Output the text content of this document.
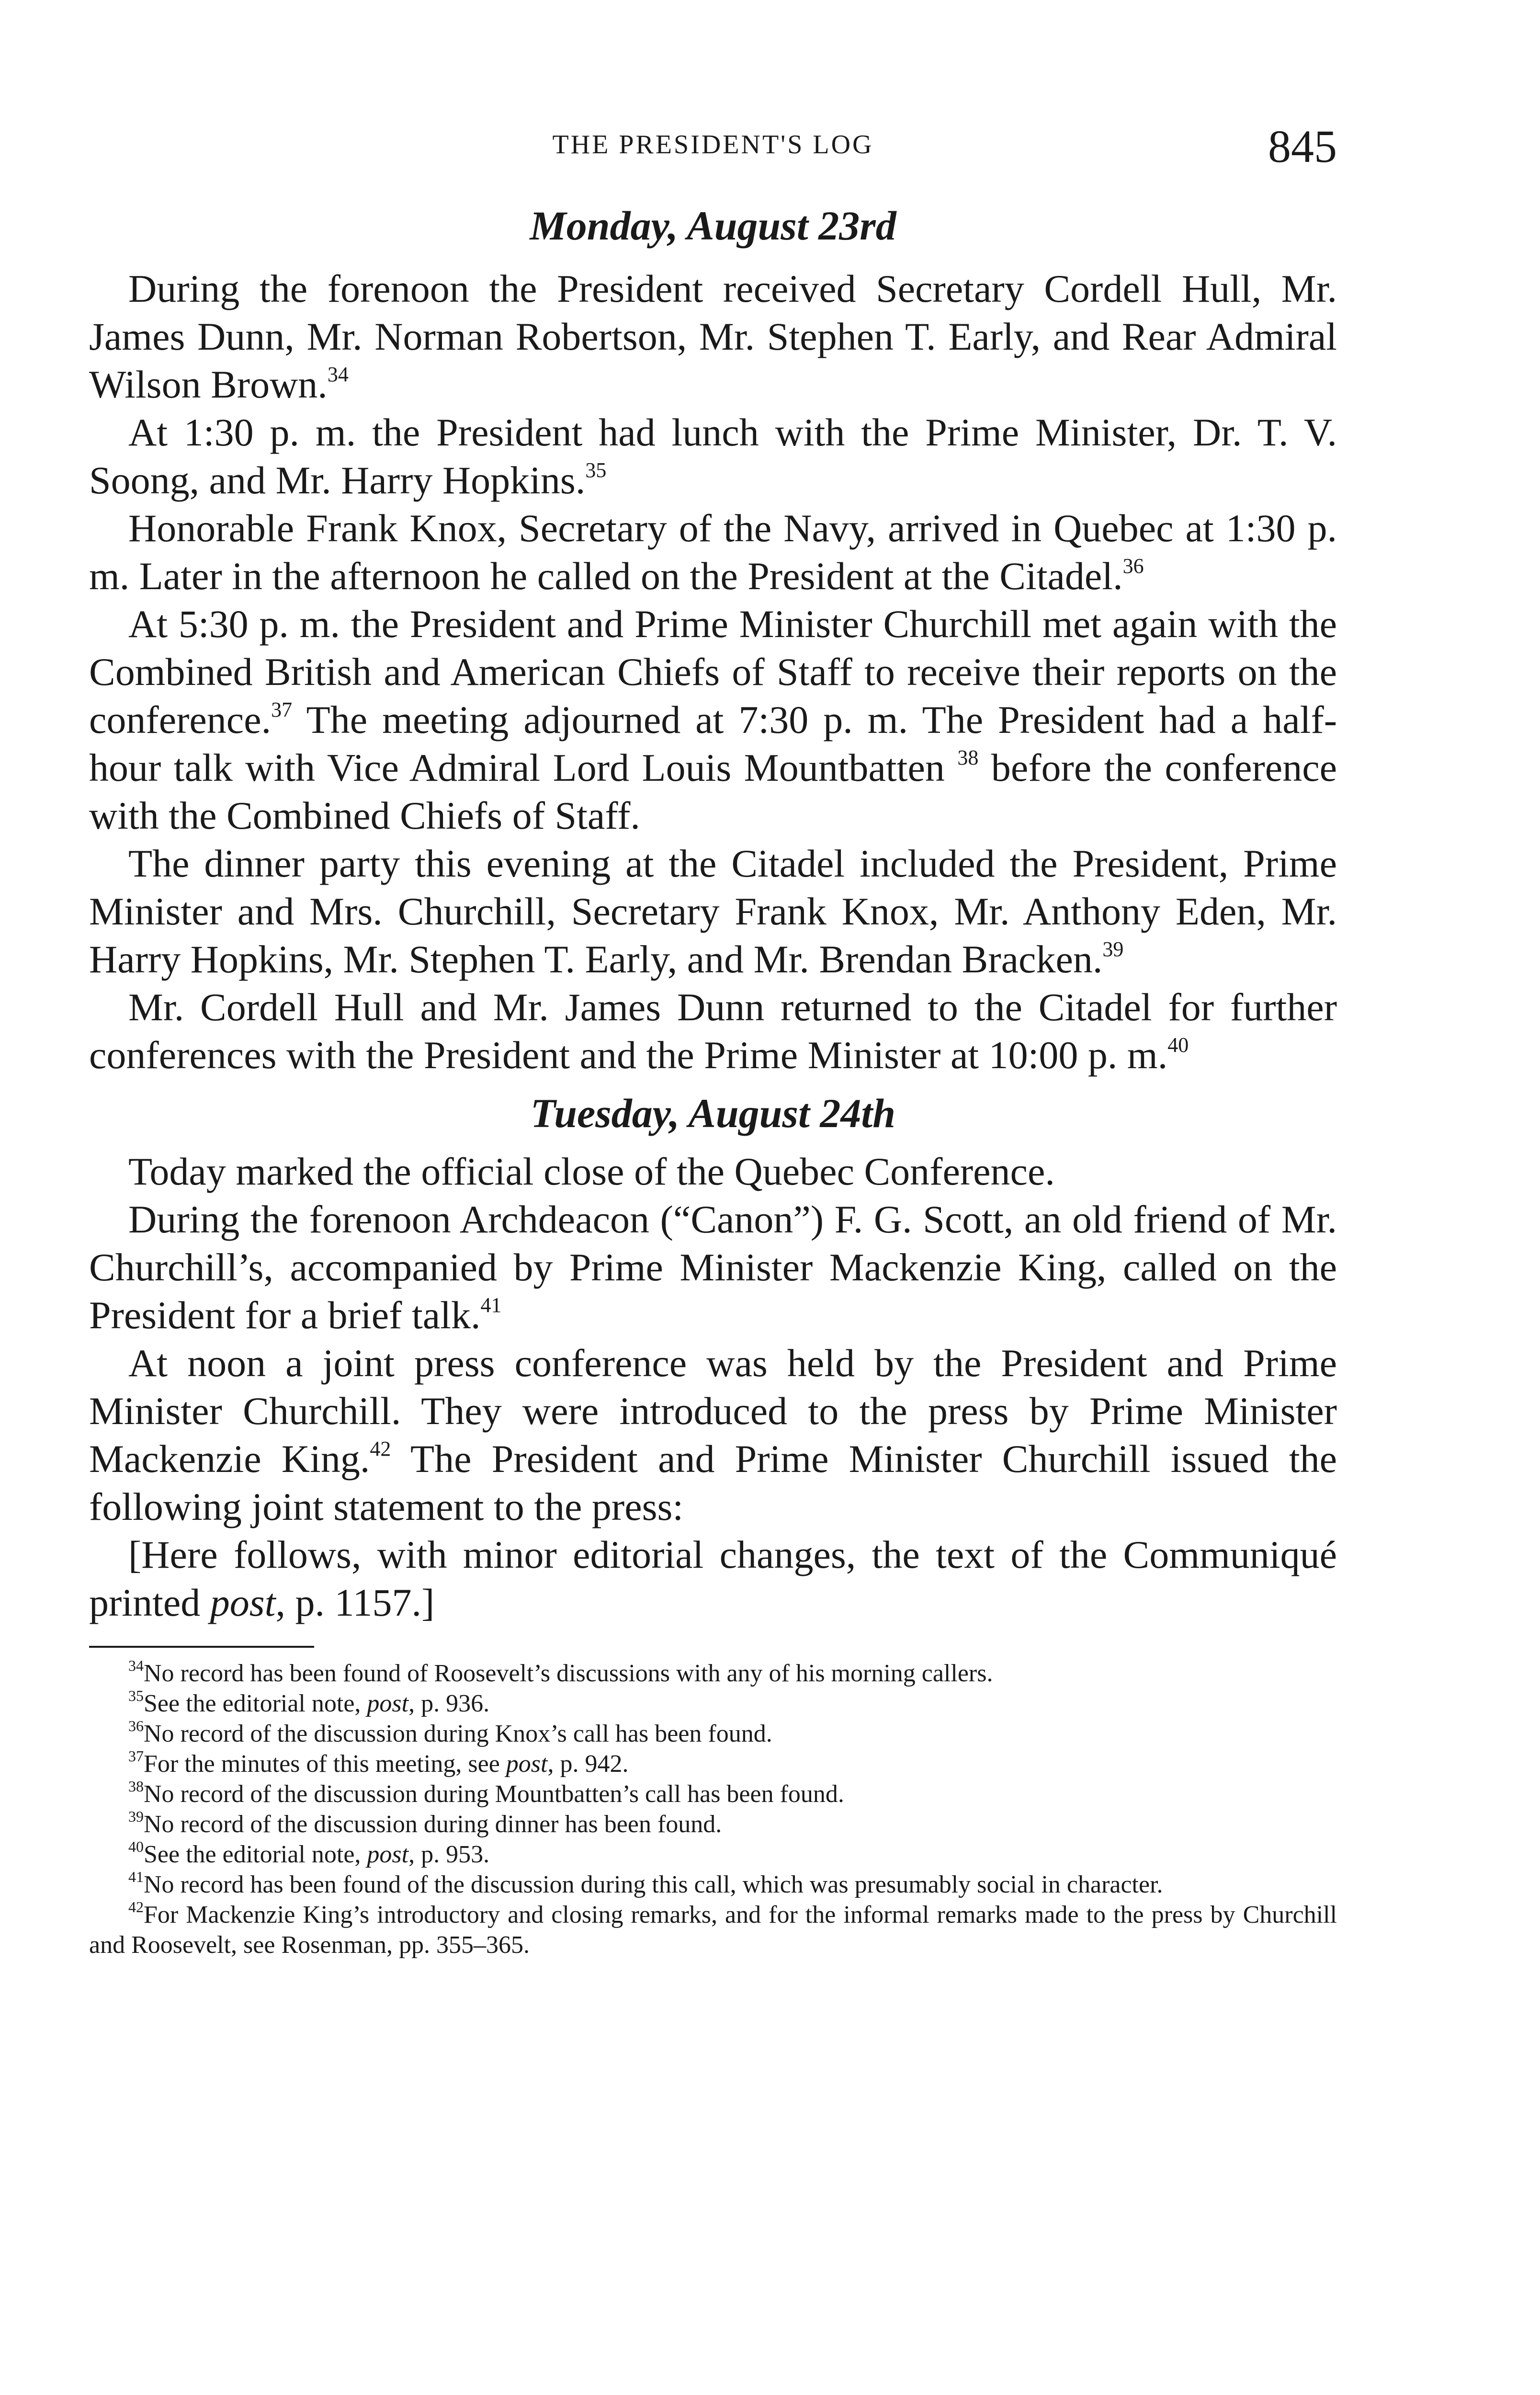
THE PRESIDENT'S LOG	845
Monday, August 23rd

During the forenoon the President received Secretary Cordell Hull, Mr. James Dunn, Mr. Norman Robertson, Mr. Stephen T. Early, and Rear Admiral Wilson Brown.$^{34}$

At 1:30 p. m. the President had lunch with the Prime Minister, Dr. T. V. Soong, and Mr. Harry Hopkins.$^{35}$

Honorable Frank Knox, Secretary of the Navy, arrived in Quebec at 1:30 p. m. Later in the afternoon he called on the President at the Citadel.$^{36}$

At 5:30 p. m. the President and Prime Minister Churchill met again with the Combined British and American Chiefs of Staff to receive their reports on the conference.$^{37}$ The meeting adjourned at 7:30 p. m. The President had a half-hour talk with Vice Admiral Lord Louis Mountbatten $^{38}$ before the conference with the Combined Chiefs of Staff.

The dinner party this evening at the Citadel included the President, Prime Minister and Mrs. Churchill, Secretary Frank Knox, Mr. Anthony Eden, Mr. Harry Hopkins, Mr. Stephen T. Early, and Mr. Brendan Bracken.$^{39}$

Mr. Cordell Hull and Mr. James Dunn returned to the Citadel for further conferences with the President and the Prime Minister at 10:00 p. m.$^{40}$

Tuesday, August 24th

Today marked the official close of the Quebec Conference.

During the forenoon Archdeacon (“Canon”) F. G. Scott, an old friend of Mr. Churchill’s, accompanied by Prime Minister Mackenzie King, called on the President for a brief talk.$^{41}$

At noon a joint press conference was held by the President and Prime Minister Churchill. They were introduced to the press by Prime Minister Mackenzie King.$^{42}$ The President and Prime Minister Churchill issued the following joint statement to the press:

[Here follows, with minor editorial changes, the text of the Communiqué printed post, p. 1157.]

$^{34}$No record has been found of Roosevelt’s discussions with any of his morning callers.

$^{35}$See the editorial note, post, p. 936.

$^{36}$No record of the discussion during Knox’s call has been found.

$^{37}$For the minutes of this meeting, see post, p. 942.

$^{38}$No record of the discussion during Mountbatten’s call has been found.

$^{39}$No record of the discussion during dinner has been found.

$^{40}$See the editorial note, post, p. 953.

$^{41}$No record has been found of the discussion during this call, which was presumably social in character.

$^{42}$For Mackenzie King’s introductory and closing remarks, and for the informal remarks made to the press by Churchill and Roosevelt, see Rosenman, pp. 355–365.
